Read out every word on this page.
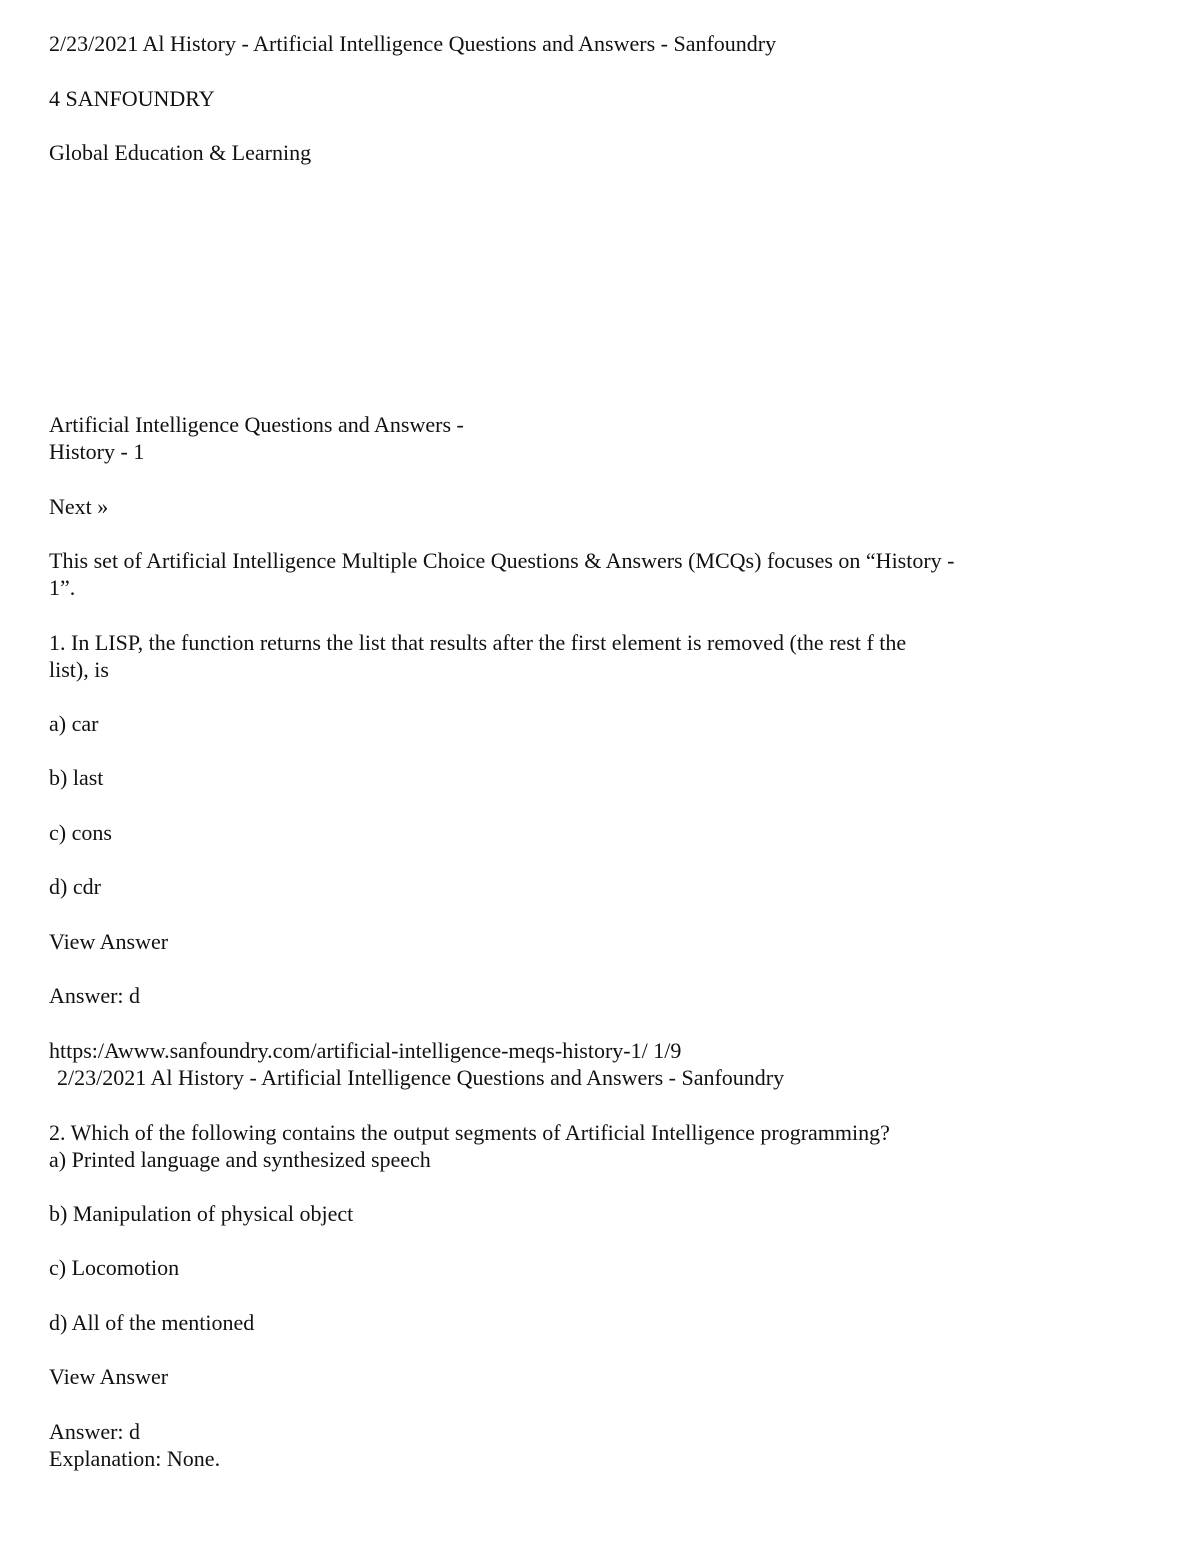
2/23/2021 Al History - Artificial Intelligence Questions and Answers - Sanfoundry

4 SANFOUNDRY

Global Education & Learning

Artificial Intelligence Questions and Answers -

History - 1

Next »

This set of Artificial Intelligence Multiple Choice Questions & Answers (MCQs) focuses on “History -

1”.

1. In LISP, the function returns the list that results after the first element is removed (the rest f the

list), is

a) car

b) last

c) cons

d) cdr

View Answer

Answer: d

https:/Awww.sanfoundry.com/artificial-intelligence-meqs-history-1/ 1/9

2/23/2021 Al History - Artificial Intelligence Questions and Answers - Sanfoundry

2. Which of the following contains the output segments of Artificial Intelligence programming?

a) Printed language and synthesized speech

b) Manipulation of physical object

c) Locomotion

d) All of the mentioned

View Answer

Answer: d

Explanation: None.
